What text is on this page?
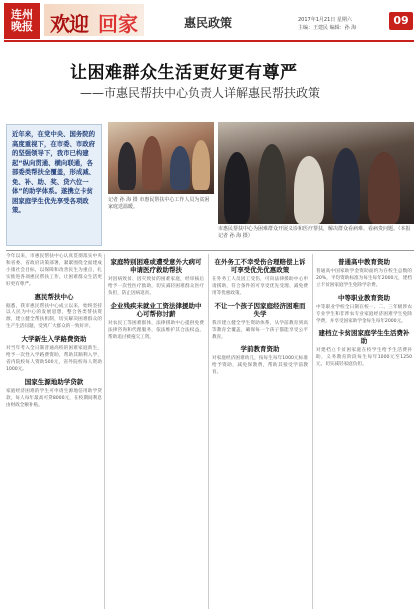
连州
晚报 欢迎 回家	惠民政策	2017年1月21日 星期六
主编：王建民 编辑：孙 海
09
让困难群众生活更好更有尊严
——市惠民帮扶中心负责人详解惠民帮扶政策

近年来，在党中央、国务院的高度重视下，在市委、市政府的坚强领导下，我市已构建起“纵向贯通、横向联通，各部委类帮扶全覆盖，形成减、免、补、助、奖、贷六位一体”的助学体系。遂携立卡贫困家庭学生优先享受各项政策。

记者 孙 海 摄 市惠民帮扶中心工作人员为贫困家庭送温暖。
市惠民帮扶中心为困难群众开展义诊和医疗帮扶，解决群众看病难、看病贵问题。（本报记者 孙 海 摄）

今年以来，市惠民帮扶中心认真贯彻落实中央和省委、省政府决策部署，紧紧围绕全面建成小康社会目标，以保障和改善民生为重点，扎实推进各项惠民帮扶工作，让困难群众生活更好更有尊严。

惠民帮扶中心

据悉，我市惠民帮扶中心成立以来，始终坚持以人民为中心的发展思想，整合各类帮扶资源，建立健全帮扶机制，切实解决困难群众的生产生活问题，受到广大群众的一致好评。

大学新生入学路费资助

对当年考入全日制普通高校的困难家庭新生，给予一次性入学路费资助，帮助其顺利入学，省内院校每人资助500元，省外院校每人资助1000元。

国家生源地助学贷款

家庭经济困难的学生可申请生源地信用助学贷款，每人每年最高可贷8000元，在校期间利息由财政全额补贴。

家庭特别困难或遭受意外大病可申请医疗救助帮扶

对因病致贫、因灾致贫的困难家庭，经审核后给予一次性医疗救助，切实减轻困难群众医疗负担，防止因病返贫。

企业残疾未就业工资法律援助中心可帮你讨薪

对农民工等困难群体，法律援助中心提供免费法律咨询和代理服务，依法维护其合法权益，帮助追讨被拖欠工资。

在外务工不幸受伤合理赔偿上诉可享受优先优惠政策

在外务工人员因工受伤，可向法律援助中心申请援助，符合条件的可享受优先受理、减免费用等优惠政策。

不让一个孩子因家庭经济困难而失学

我市建立健全学生资助体系，从学前教育到高等教育全覆盖，确保每一个孩子都能享受公平教育。

学前教育资助

对家庭经济困难幼儿，按每生每年1000元标准给予资助，减免保教费，帮助其接受学前教育。

普通高中教育资助

普通高中国家助学金资助面约为在校生总数的20%，平均资助标准为每生每年2000元，建档立卡贫困家庭学生免除学杂费。

中等职业教育资助

中等职业学校全日制在校一、二、三年级涉农专业学生和非涉农专业家庭经济困难学生免除学费，并享受国家助学金每生每年2000元。

建档立卡贫困家庭学生生活费补助

对建档立卡贫困家庭在校学生给予生活费补助，义务教育阶段每生每年1000元至1250元，切实减轻家庭负担。
